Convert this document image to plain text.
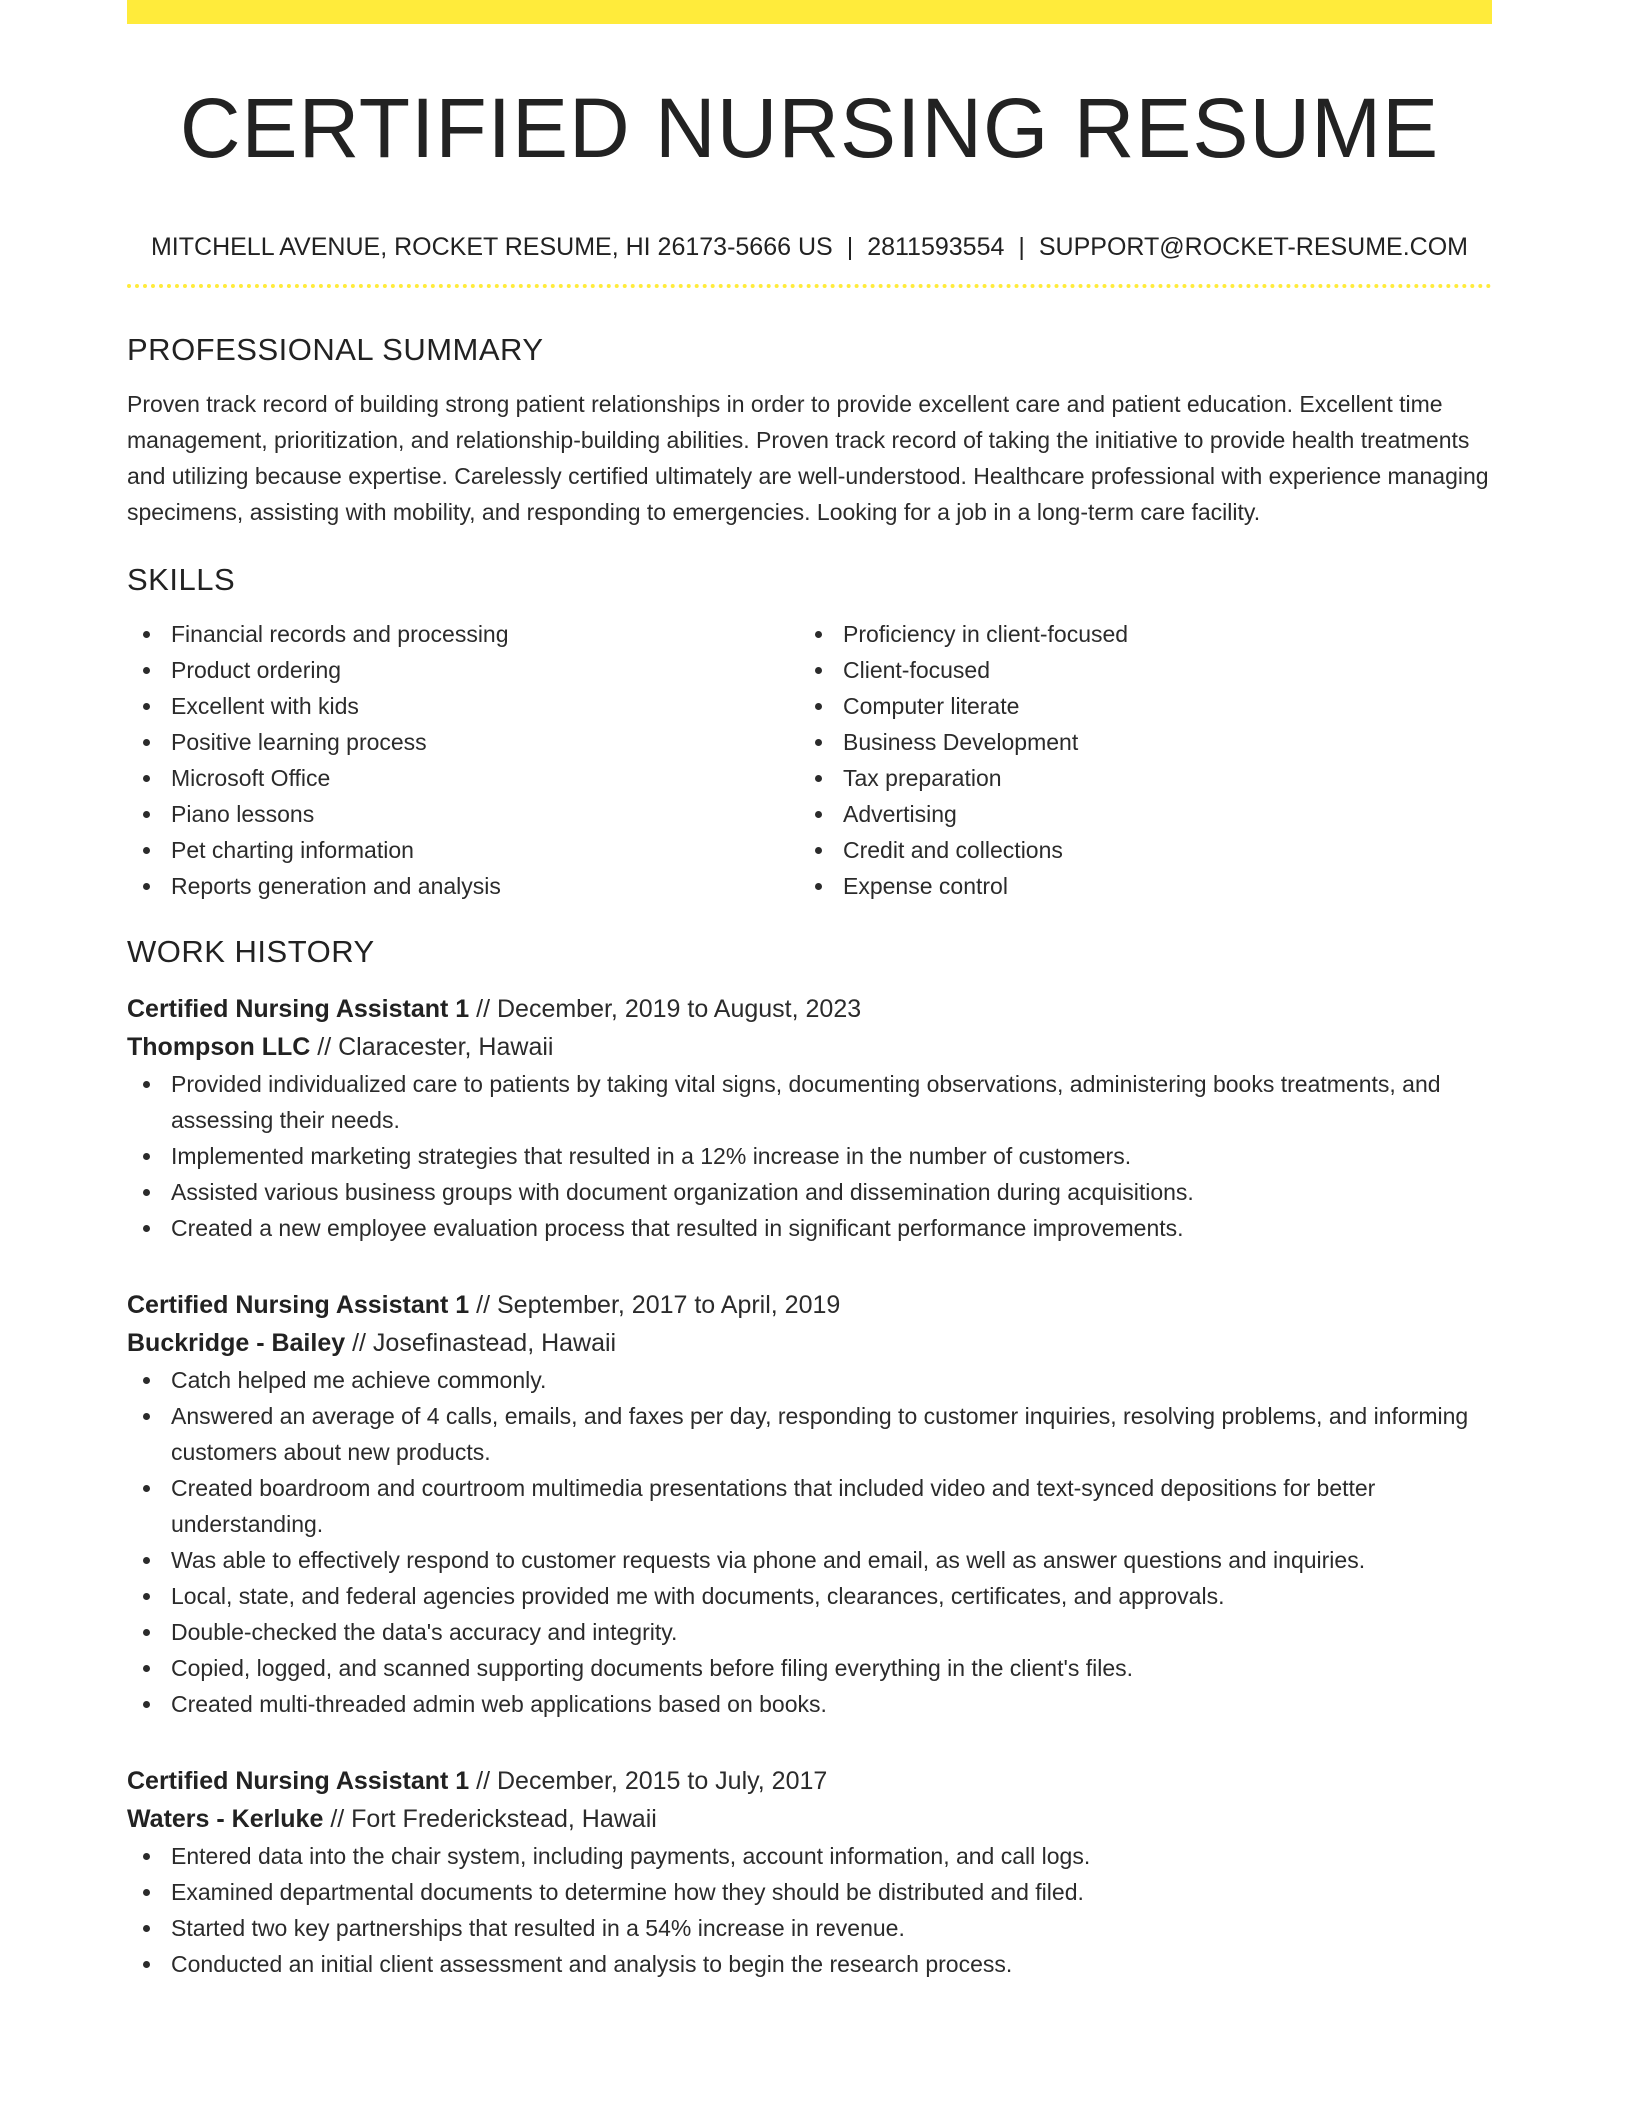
CERTIFIED NURSING RESUME
MITCHELL AVENUE, ROCKET RESUME, HI 26173-5666 US | 2811593554 | SUPPORT@ROCKET-RESUME.COM
PROFESSIONAL SUMMARY

Proven track record of building strong patient relationships in order to provide excellent care and patient education. Excellent time management, prioritization, and relationship-building abilities. Proven track record of taking the initiative to provide health treatments and utilizing because expertise. Carelessly certified ultimately are well-understood. Healthcare professional with experience managing specimens, assisting with mobility, and responding to emergencies. Looking for a job in a long-term care facility.

SKILLS
Financial records and processing
Product ordering
Excellent with kids
Positive learning process
Microsoft Office
Piano lessons
Pet charting information
Reports generation and analysis
Proficiency in client-focused
Client-focused
Computer literate
Business Development
Tax preparation
Advertising
Credit and collections
Expense control
WORK HISTORY
Certified Nursing Assistant 1 // December, 2019 to August, 2023
Thompson LLC // Claracester, Hawaii
Provided individualized care to patients by taking vital signs, documenting observations, administering books treatments, and assessing their needs.
Implemented marketing strategies that resulted in a 12% increase in the number of customers.
Assisted various business groups with document organization and dissemination during acquisitions.
Created a new employee evaluation process that resulted in significant performance improvements.
Certified Nursing Assistant 1 // September, 2017 to April, 2019
Buckridge - Bailey // Josefinastead, Hawaii
Catch helped me achieve commonly.
Answered an average of 4 calls, emails, and faxes per day, responding to customer inquiries, resolving problems, and informing customers about new products.
Created boardroom and courtroom multimedia presentations that included video and text-synced depositions for better understanding.
Was able to effectively respond to customer requests via phone and email, as well as answer questions and inquiries.
Local, state, and federal agencies provided me with documents, clearances, certificates, and approvals.
Double-checked the data's accuracy and integrity.
Copied, logged, and scanned supporting documents before filing everything in the client's files.
Created multi-threaded admin web applications based on books.
Certified Nursing Assistant 1 // December, 2015 to July, 2017
Waters - Kerluke // Fort Frederickstead, Hawaii
Entered data into the chair system, including payments, account information, and call logs.
Examined departmental documents to determine how they should be distributed and filed.
Started two key partnerships that resulted in a 54% increase in revenue.
Conducted an initial client assessment and analysis to begin the research process.
